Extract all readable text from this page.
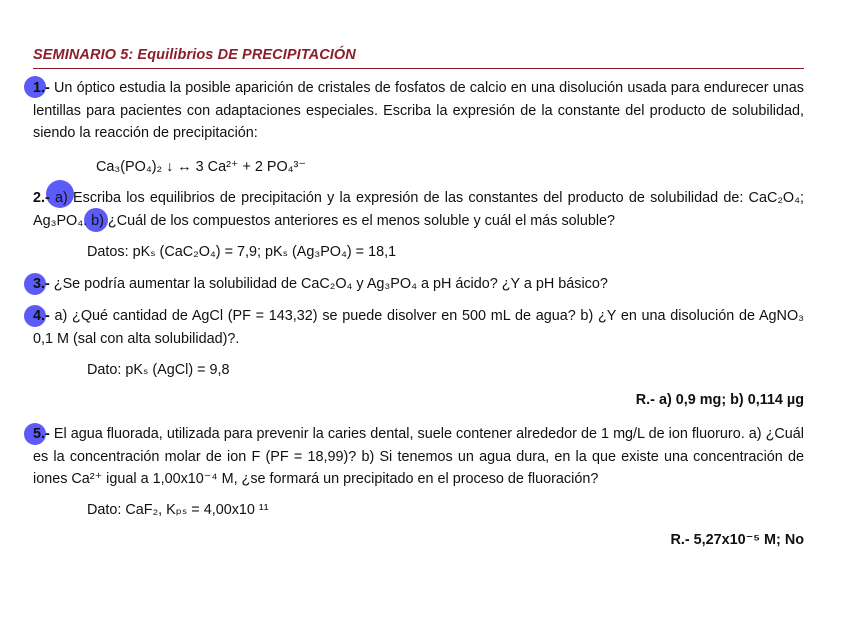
SEMINARIO 5: Equilibrios DE PRECIPITACIÓN
1.- Un óptico estudia la posible aparición de cristales de fosfatos de calcio en una disolución usada para endurecer unas lentillas para pacientes con adaptaciones especiales. Escriba la expresión de la constante del producto de solubilidad, siendo la reacción de precipitación:
Ca₃(PO₄)₂ ↓ ↔ 3 Ca²⁺ + 2 PO₄³⁻
2.- a) Escriba los equilibrios de precipitación y la expresión de las constantes del producto de solubilidad de: CaC₂O₄; Ag₃PO₄. b) ¿Cuál de los compuestos anteriores es el menos soluble y cuál el más soluble?
Datos: pKₛ (CaC₂O₄) = 7,9; pKₛ (Ag₃PO₄) = 18,1
3.- ¿Se podría aumentar la solubilidad de CaC₂O₄ y Ag₃PO₄ a pH ácido? ¿Y a pH básico?
4.- a) ¿Qué cantidad de AgCl (PF = 143,32) se puede disolver en 500 mL de agua? b) ¿Y en una disolución de AgNO₃ 0,1 M (sal con alta solubilidad)?.
Dato: pKₛ (AgCl) = 9,8
R.- a) 0,9 mg; b) 0,114 µg
5.- El agua fluorada, utilizada para prevenir la caries dental, suele contener alrededor de 1 mg/L de ion fluoruro. a) ¿Cuál es la concentración molar de ion F (PF = 18,99)? b) Si tenemos un agua dura, en la que existe una concentración de iones Ca²⁺ igual a 1,00x10⁻⁴ M, ¿se formará un precipitado en el proceso de fluoración?
Dato: CaF₂, Kₚₛ = 4,00x10 ¹¹
R.- 5,27x10⁻⁵ M; No
